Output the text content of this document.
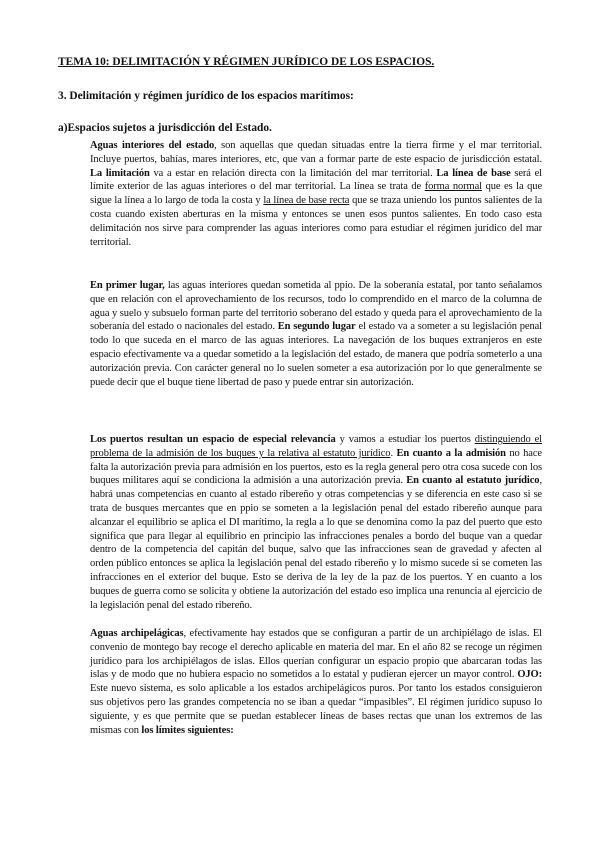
TEMA 10: DELIMITACIÓN Y RÉGIMEN JURÍDICO DE LOS ESPACIOS.
3. Delimitación y régimen jurídico de los espacios marítimos:
a)Espacios sujetos a jurisdicción del Estado.

Aguas interiores del estado, son aquellas que quedan situadas entre la tierra firme y el mar territorial. Incluye puertos, bahías, mares interiores, etc, que van a formar parte de este espacio de jurisdicción estatal. La limitación va a estar en relación directa con la limitación del mar territorial. La línea de base será el límite exterior de las aguas interiores o del mar territorial. La línea se trata de forma normal que es la que sigue la línea a lo largo de toda la costa y la línea de base recta que se traza uniendo los puntos salientes de la costa cuando existen aberturas en la misma y entonces se unen esos puntos salientes. En todo caso esta delimitación nos sirve para comprender las aguas interiores como para estudiar el régimen jurídico del mar territorial.

En primer lugar, las aguas interiores quedan sometida al ppio. De la soberanía estatal, por tanto señalamos que en relación con el aprovechamiento de los recursos, todo lo comprendido en el marco de la columna de agua y suelo y subsuelo forman parte del territorio soberano del estado y queda para el aprovechamiento de la soberanía del estado o nacionales del estado. En segundo lugar el estado va a someter a su legislación penal todo lo que suceda en el marco de las aguas interiores. La navegación de los buques extranjeros en este espacio efectivamente va a quedar sometido a la legislación del estado, de manera que podría someterlo a una autorización previa. Con carácter general no lo suelen someter a esa autorización por lo que generalmente se puede decir que el buque tiene libertad de paso y puede entrar sin autorización.

Los puertos resultan un espacio de especial relevancia y vamos a estudiar los puertos distinguiendo el problema de la admisión de los buques y la relativa al estatuto jurídico. En cuanto a la admisión no hace falta la autorización previa para admisión en los puertos, esto es la regla general pero otra cosa sucede con los buques militares aquí se condiciona la admisión a una autorización previa. En cuanto al estatuto jurídico, habrá unas competencias en cuanto al estado ribereño y otras competencias y se diferencia en este caso si se trata de busques mercantes que en ppio se someten a la legislación penal del estado ribereño aunque para alcanzar el equilibrio se aplica el DI marítimo, la regla a lo que se denomina como la paz del puerto que esto significa que para llegar al equilibrio en principio las infracciones penales a bordo del buque van a quedar dentro de la competencia del capitán del buque, salvo que las infracciones sean de gravedad y afecten al orden público entonces se aplica la legislación penal del estado ribereño y lo mismo sucede si se cometen las infracciones en el exterior del buque. Esto se deriva de la ley de la paz de los puertos. Y en cuanto a los buques de guerra como se solicita y obtiene la autorización del estado eso implica una renuncia al ejercicio de la legislación penal del estado ribereño.

Aguas archipelágicas, efectivamente hay estados que se configuran a partir de un archipiélago de islas. El convenio de montego bay recoge el derecho aplicable en materia del mar. En el año 82 se recoge un régimen jurídico para los archipiélagos de islas. Ellos querían configurar un espacio propio que abarcaran todas las islas y de modo que no hubiera espacio no sometidos a lo estatal y pudieran ejercer un mayor control. OJO: Este nuevo sistema, es solo aplicable a los estados archipelágicos puros. Por tanto los estados consiguieron sus objetivos pero las grandes competencia no se iban a quedar “impasibles”. El régimen jurídico supuso lo siguiente, y es que permite que se puedan establecer líneas de bases rectas que unan los extremos de las mismas con los límites siguientes:
